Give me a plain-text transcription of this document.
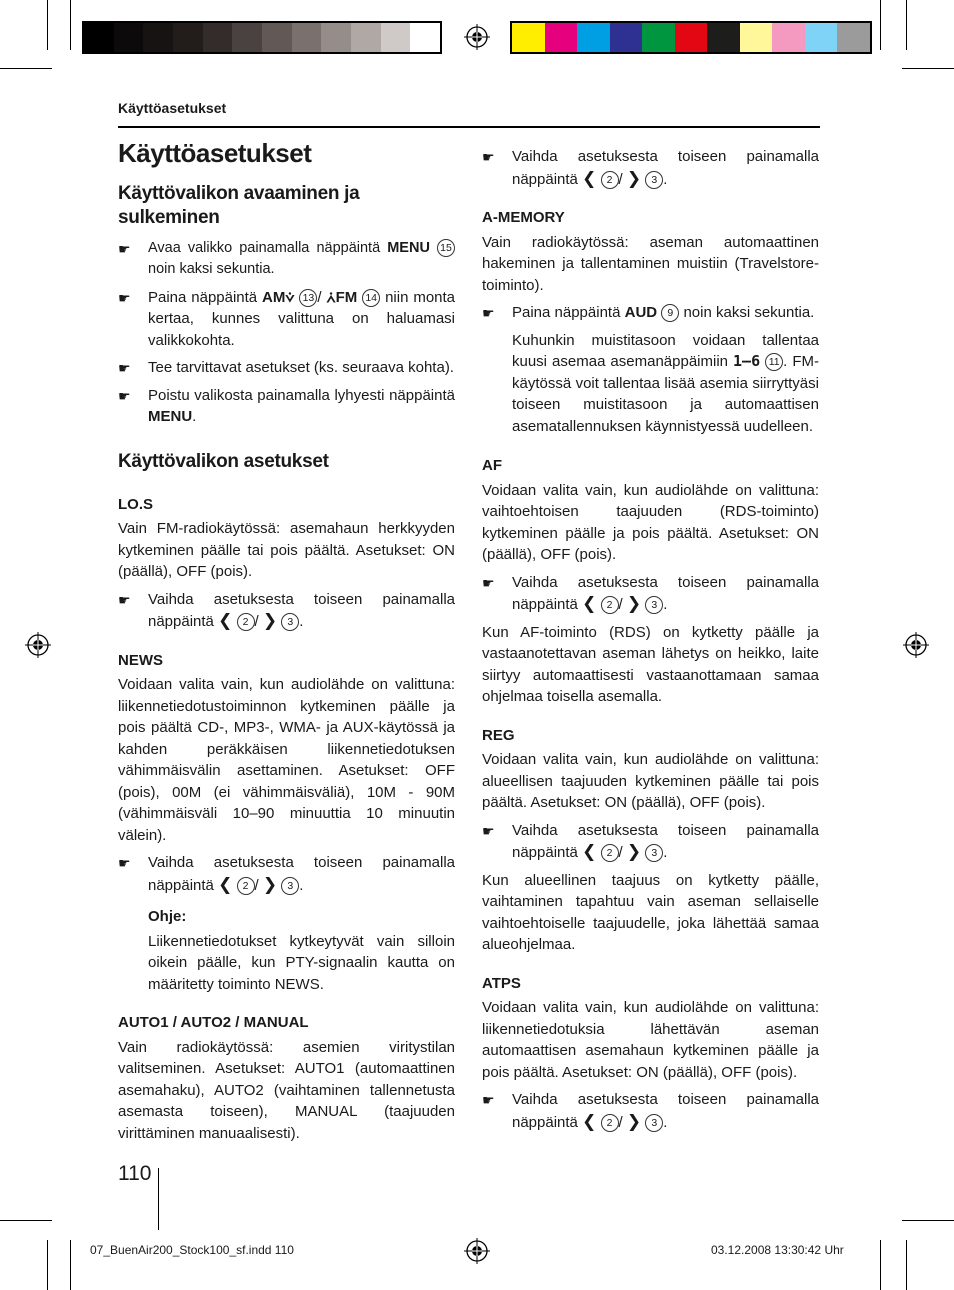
Käyttöasetukset
Käyttöasetukset
Käyttövalikon avaaminen ja sulkeminen
☛ Avaa valikko painamalla näppäintä MENU 15 noin kaksi sekuntia.
☛ Paina näppäintä AM⩒ 13 / ⩑FM 14 niin monta kertaa, kunnes valittuna on haluamasi valikkokohta.
☛ Tee tarvittavat asetukset (ks. seuraava kohta).
☛ Poistu valikosta painamalla lyhyesti näppäintä MENU.
Käyttövalikon asetukset
LO.S

Vain FM-radiokäytössä: asemahaun herkkyyden kytkeminen päälle tai pois päältä. Asetukset: ON (päällä), OFF (pois).

☛ Vaihda asetuksesta toiseen painamalla näppäintä ❮ 2 / ❯ 3 .
NEWS

Voidaan valita vain, kun audiolähde on valittuna: liikennetiedotustoiminnon kytkeminen päälle ja pois päältä CD-, MP3-, WMA- ja AUX-käytössä ja kahden peräkkäisen liikennetiedotuksen vähimmäisvälin asettaminen. Asetukset: OFF (pois), 00M (ei vähimmäisväliä), 10M - 90M (vähimmäisväli 10–90 minuuttia 10 minuutin välein).

☛ Vaihda asetuksesta toiseen painamalla näppäintä ❮ 2 / ❯ 3 .
Ohje:

Liikennetiedotukset kytkeytyvät vain silloin oikein päälle, kun PTY-signaalin kautta on määritetty toiminto NEWS.

AUTO1 / AUTO2 / MANUAL

Vain radiokäytössä: asemien viritystilan valitseminen. Asetukset: AUTO1 (automaattinen asemahaku), AUTO2 (vaihtaminen tallennetusta asemasta toiseen), MANUAL (taajuuden virittäminen manuaalisesti).

☛ Vaihda asetuksesta toiseen painamalla näppäintä ❮ 2 / ❯ 3 .
A-MEMORY

Vain radiokäytössä: aseman automaattinen hakeminen ja tallentaminen muistiin (Travelstore-toiminto).

☛ Paina näppäintä AUD 9 noin kaksi sekuntia.

Kuhunkin muistitasoon voidaan tallentaa kuusi asemaa asemanäppäimiin 1–6 11 . FM-käytössä voit tallentaa lisää asemia siirryttyäsi toiseen muistitasoon ja automaattisen asematallennuksen käynnistyessä uudelleen.

AF

Voidaan valita vain, kun audiolähde on valittuna: vaihtoehtoisen taajuuden (RDS-toiminto) kytkeminen päälle ja pois päältä. Asetukset: ON (päällä), OFF (pois).

☛ Vaihda asetuksesta toiseen painamalla näppäintä ❮ 2 / ❯ 3 .

Kun AF-toiminto (RDS) on kytketty päälle ja vastaanotettavan aseman lähetys on heikko, laite siirtyy automaattisesti vastaanottamaan samaa ohjelmaa toisella asemalla.

REG

Voidaan valita vain, kun audiolähde on valittuna: alueellisen taajuuden kytkeminen päälle tai pois päältä. Asetukset: ON (päällä), OFF (pois).

☛ Vaihda asetuksesta toiseen painamalla näppäintä ❮ 2 / ❯ 3 .

Kun alueellinen taajuus on kytketty päälle, vaihtaminen tapahtuu vain aseman sellaiselle vaihtoehtoiselle taajuudelle, joka lähettää samaa alueohjelmaa.

ATPS

Voidaan valita vain, kun audiolähde on valittuna: liikennetiedotuksia lähettävän aseman automaattisen asemahaun kytkeminen päälle ja pois päältä. Asetukset: ON (päällä), OFF (pois).

☛ Vaihda asetuksesta toiseen painamalla näppäintä ❮ 2 / ❯ 3 .
110
07_BuenAir200_Stock100_sf.indd 110	03.12.2008 13:30:42 Uhr
